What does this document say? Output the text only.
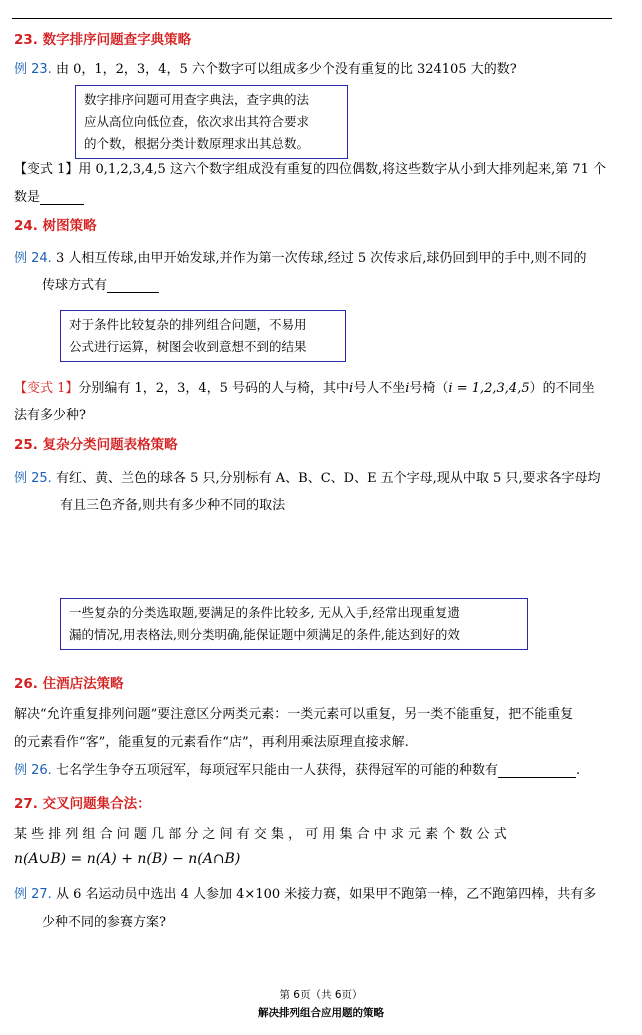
23. 数字排序问题查字典策略
例 23. 由 0，1，2，3，4，5 六个数字可以组成多少个没有重复的比 324105 大的数?
数字排序问题可用查字典法，查字典的法
应从高位向低位查，依次求出其符合要求
的个数，根据分类计数原理求出其总数。
【变式 1】用 0,1,2,3,4,5 这六个数字组成没有重复的四位偶数,将这些数字从小到大排列起来,第 71 个
数是
24. 树图策略
例 24. 3 人相互传球,由甲开始发球,并作为第一次传球,经过 5 次传求后,球仍回到甲的手中,则不同的
传球方式有
对于条件比较复杂的排列组合问题，不易用
公式进行运算，树图会收到意想不到的结果
【变式 1】分别编有 1，2，3，4，5 号码的人与椅，其中i号人不坐i号椅（i = 1,2,3,4,5）的不同坐
法有多少种?
25. 复杂分类问题表格策略
例 25. 有红、黄、兰色的球各 5 只,分别标有 A、B、C、D、E 五个字母,现从中取 5 只,要求各字母均
有且三色齐备,则共有多少种不同的取法
一些复杂的分类选取题,要满足的条件比较多, 无从入手,经常出现重复遗
漏的情况,用表格法,则分类明确,能保证题中须满足的条件,能达到好的效
26. 住酒店法策略
解决“允许重复排列问题”要注意区分两类元素：一类元素可以重复，另一类不能重复，把不能重复
的元素看作“客”，能重复的元素看作“店”，再利用乘法原理直接求解.
例 26. 七名学生争夺五项冠军，每项冠军只能由一人获得，获得冠军的可能的种数有	.
27. 交叉问题集合法：
某 些 排 列 组 合 问 题 几 部 分 之 间 有 交 集 ， 可 用 集 合 中 求 元 素 个 数 公 式
n(A∪B) = n(A) + n(B) − n(A∩B)
例 27. 从 6 名运动员中选出 4 人参加 4×100 米接力赛，如果甲不跑第一棒，乙不跑第四棒，共有多
少种不同的参赛方案?
第 6页（共 6页）
解决排列组合应用题的策略
